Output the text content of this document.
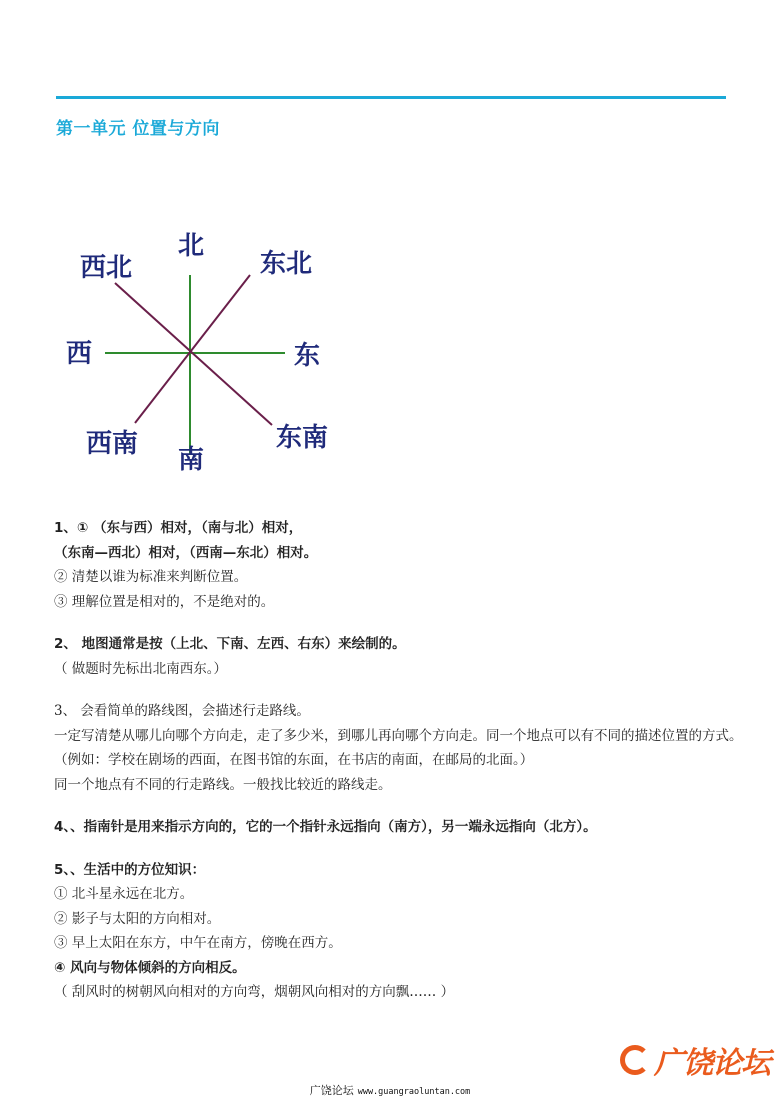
第一单元 位置与方向
北
西北	东北
西	东
西南
南
东南
1、① （东与西）相对，（南与北）相对，
（东南—西北）相对，（西南—东北）相对。
② 清楚以谁为标准来判断位置。
③ 理解位置是相对的，不是绝对的。
2、 地图通常是按（上北、下南、左西、右东）来绘制的。
（ 做题时先标出北南西东。）
3、 会看简单的路线图，会描述行走路线。
一定写清楚从哪儿向哪个方向走，走了多少米，到哪儿再向哪个方向走。同一个地点可以有不同的描述位置的方式。（例如：学校在剧场的西面，在图书馆的东面，在书店的南面，在邮局的北面。）
同一个地点有不同的行走路线。一般找比较近的路线走。
4、、指南针是用来指示方向的，它的一个指针永远指向（南方），另一端永远指向（北方）。
5、、生活中的方位知识：
① 北斗星永远在北方。
② 影子与太阳的方向相对。
③ 早上太阳在东方，中午在南方，傍晚在西方。
④ 风向与物体倾斜的方向相反。
（ 刮风时的树朝风向相对的方向弯，烟朝风向相对的方向飘…… ）
广饶论坛
广饶论坛 www.guangraoluntan.com
